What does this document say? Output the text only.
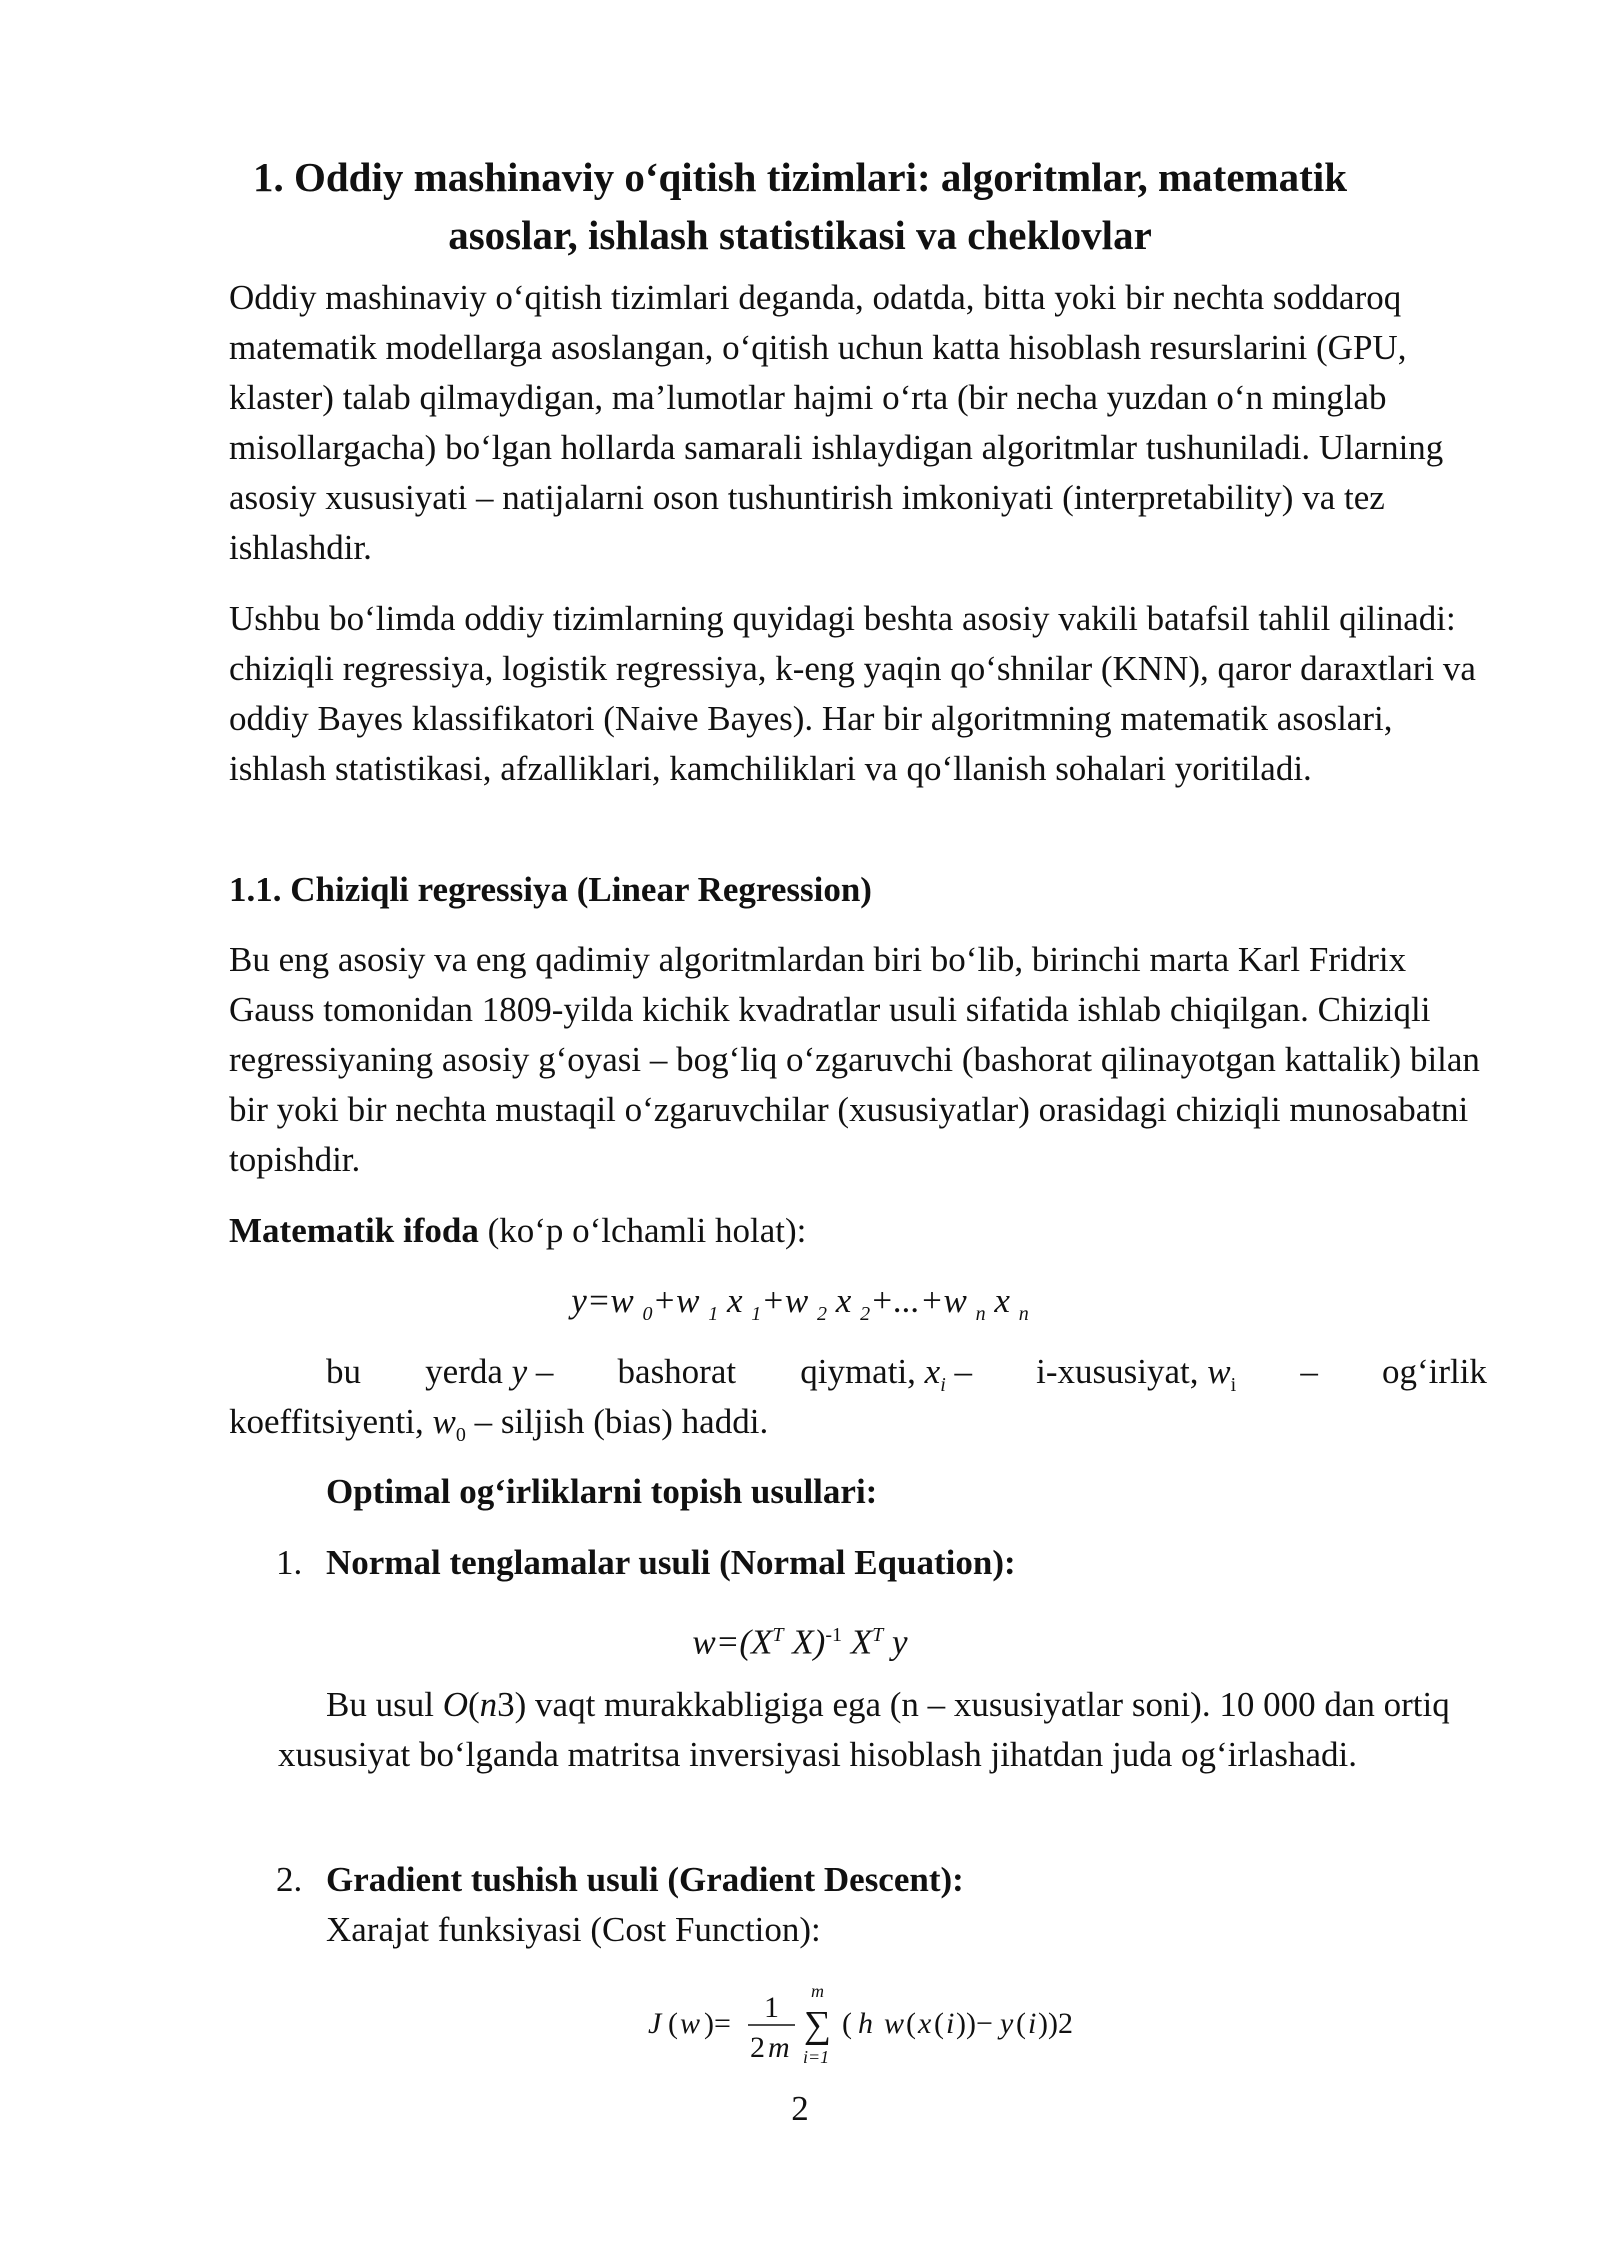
1. Oddiy mashinaviy o‘qitish tizimlari: algoritmlar, matematik asoslar, ishlash statistikasi va cheklovlar

Oddiy mashinaviy o‘qitish tizimlari deganda, odatda, bitta yoki bir nechta soddaroq matematik modellarga asoslangan, o‘qitish uchun katta hisoblash resurslarini (GPU, klaster) talab qilmaydigan, ma’lumotlar hajmi o‘rta (bir necha yuzdan o‘n minglab misollargacha) bo‘lgan hollarda samarali ishlaydigan algoritmlar tushuniladi. Ularning asosiy xususiyati – natijalarni oson tushuntirish imkoniyati (interpretability) va tez ishlashdir.

Ushbu bo‘limda oddiy tizimlarning quyidagi beshta asosiy vakili batafsil tahlil qilinadi: chiziqli regressiya, logistik regressiya, k-eng yaqin qo‘shnilar (KNN), qaror daraxtlari va oddiy Bayes klassifikatori (Naive Bayes). Har bir algoritmning matematik asoslari, ishlash statistikasi, afzalliklari, kamchiliklari va qo‘llanish sohalari yoritiladi.

1.1. Chiziqli regressiya (Linear Regression)

Bu eng asosiy va eng qadimiy algoritmlardan biri bo‘lib, birinchi marta Karl Fridrix Gauss tomonidan 1809-yilda kichik kvadratlar usuli sifatida ishlab chiqilgan. Chiziqli regressiyaning asosiy g‘oyasi – bog‘liq o‘zgaruvchi (bashorat qilinayotgan kattalik) bilan bir yoki bir nechta mustaqil o‘zgaruvchilar (xususiyatlar) orasidagi chiziqli munosabatni topishdir.

Matematik ifoda (ko‘p o‘lchamli holat):

y=w $_0$+w $_1$ x $_1$+w $_2$ x $_2$+...+w $_n$ x $_n$
bu yerda y – bashorat qiymati, $x_i$ – i-xususiyat, $w_i$ – og‘irlik

koeffitsiyenti, $w_0$ – siljish (bias) haddi.

Optimal og‘irliklarni topish usullari:

1. Normal tenglamalar usuli (Normal Equation):
$w=(X^T$ X)$^{-1}$ $X^T$ y

Bu usul O(n3) vaqt murakkabligiga ega (n – xususiyatlar soni). 10 000 dan ortiq xususiyat bo‘lganda matritsa inversiyasi hisoblash jihatdan juda og‘irlashadi.

2. Gradient tushish usuli (Gradient Descent):
Xarajat funksiyasi (Cost Function):
J ( w )= 1
2 m
m
∑
i=1
( h w ( x ( i ))− y ( i ))2
2
